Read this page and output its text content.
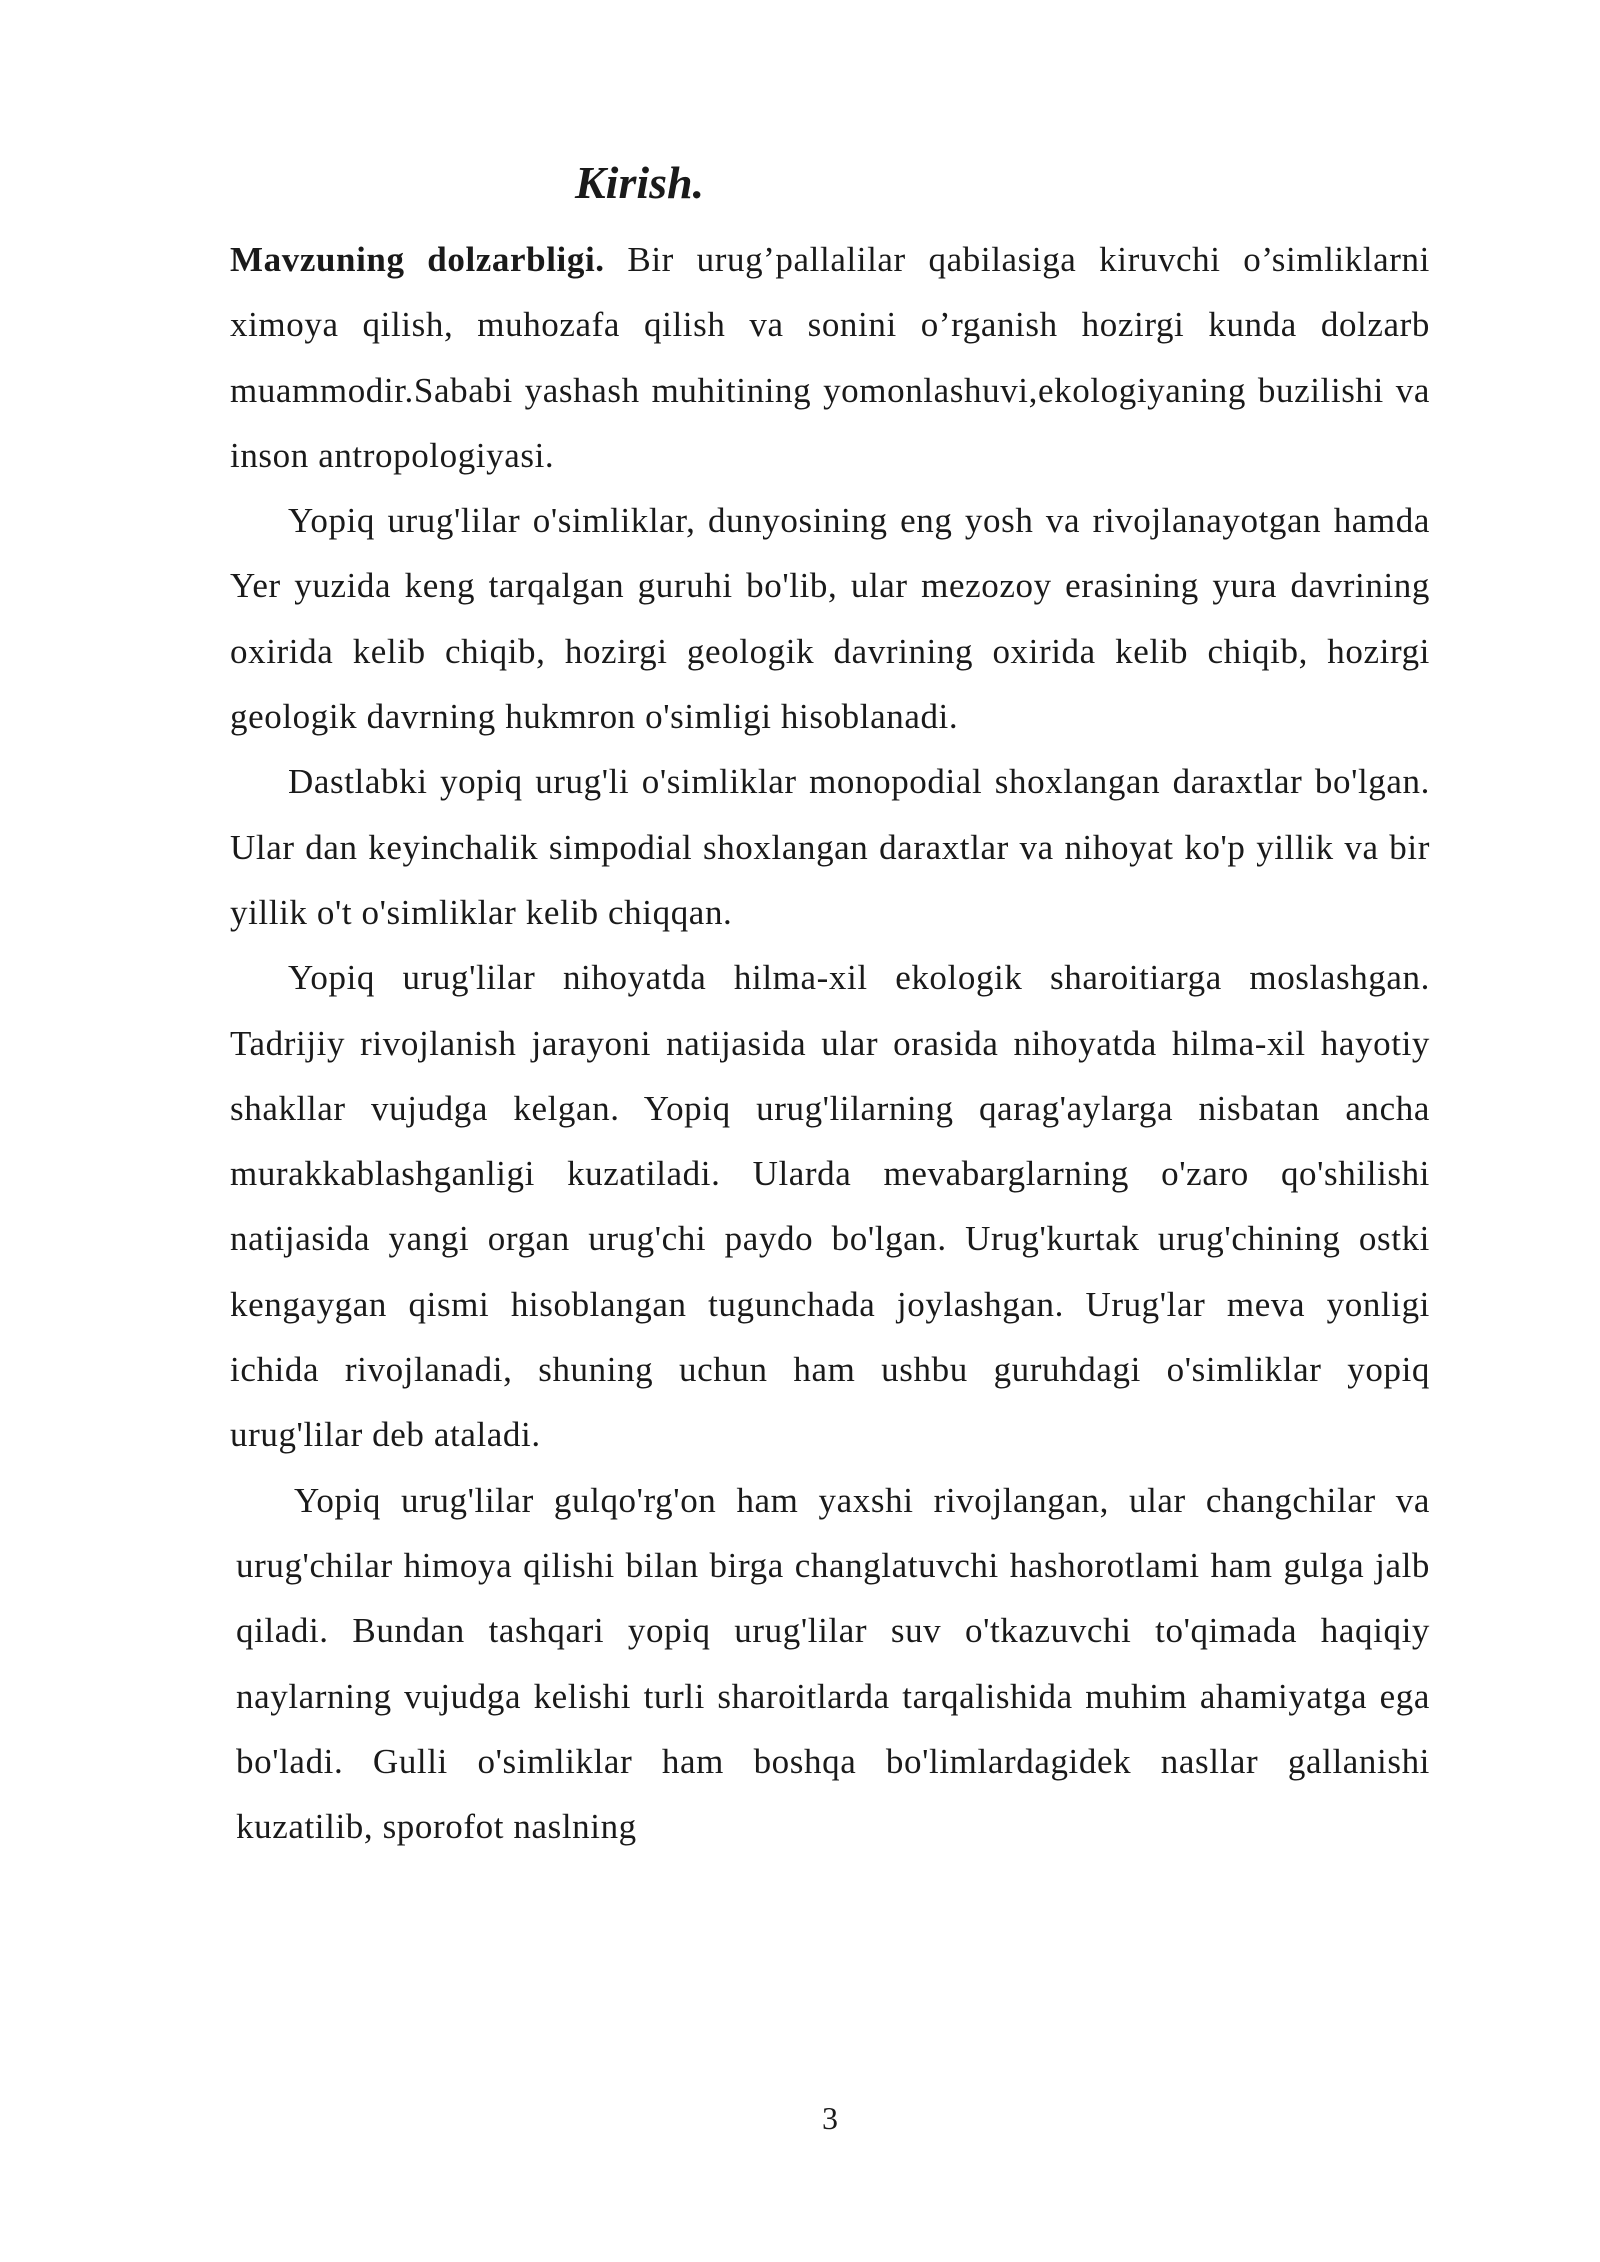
Kirish.

Mavzuning dolzarbligi. Bir urug’pallalilar qabilasiga kiruvchi o’simliklarni ximoya qilish, muhozafa qilish va sonini o’rganish hozirgi kunda dolzarb muammodir.Sababi yashash muhitining yomonlashuvi,ekologiyaning buzilishi va inson antropologiyasi.

Yopiq urug'lilar o'simliklar, dunyosining eng yosh va rivojlanayotgan hamda Yer yuzida keng tarqalgan guruhi bo'lib, ular mezozoy erasining yura davrining oxirida kelib chiqib, hozirgi geologik davrining oxirida kelib chiqib, hozirgi geologik davrning hukmron o'simligi hisoblanadi.

Dastlabki yopiq urug'li o'simliklar monopodial shoxlangan daraxtlar bo'lgan. Ular dan keyinchalik simpodial shoxlangan daraxtlar va nihoyat ko'p yillik va bir yillik o't o'simliklar kelib chiqqan.

Yopiq urug'lilar nihoyatda hilma-xil ekologik sharoitiarga moslashgan. Tadrijiy rivojlanish jarayoni natijasida ular orasida nihoyatda hilma-xil hayotiy shakllar vujudga kelgan. Yopiq urug'lilarning qarag'aylarga nisbatan ancha murakkablashganligi kuzatiladi. Ularda mevabarglarning o'zaro qo'shilishi natijasida yangi organ urug'chi paydo bo'lgan. Urug'kurtak urug'chining ostki kengaygan qismi hisoblangan tugunchada joylashgan. Urug'lar meva yonligi ichida rivojlanadi, shuning uchun ham ushbu guruhdagi o'simliklar yopiq urug'lilar deb ataladi.

Yopiq urug'lilar gulqo'rg'on ham yaxshi rivojlangan, ular changchilar va urug'chilar himoya qilishi bilan birga changlatuvchi hashorotlami ham gulga jalb qiladi. Bundan tashqari yopiq urug'lilar suv o'tkazuvchi to'qimada haqiqiy naylarning vujudga kelishi turli sharoitlarda tarqalishida muhim ahamiyatga ega bo'ladi. Gulli o'simliklar ham boshqa bo'limlardagidek nasllar gallanishi kuzatilib, sporofot naslning

3
